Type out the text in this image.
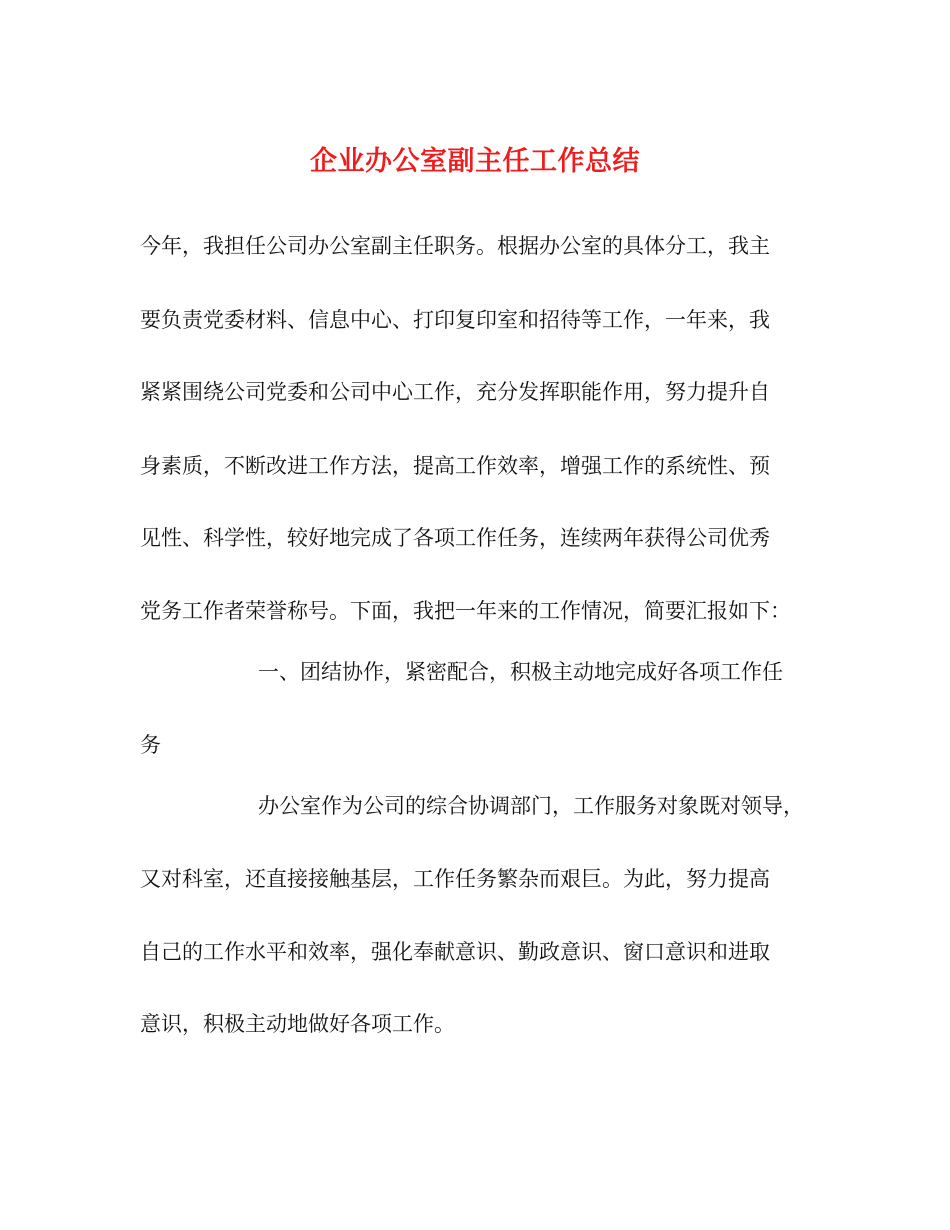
企业办公室副主任工作总结
今年，我担任公司办公室副主任职务。根据办公室的具体分工，我主
要负责党委材料、信息中心、打印复印室和招待等工作，一年来，我
紧紧围绕公司党委和公司中心工作，充分发挥职能作用，努力提升自
身素质，不断改进工作方法，提高工作效率，增强工作的系统性、预
见性、科学性，较好地完成了各项工作任务，连续两年获得公司优秀
党务工作者荣誉称号。下面，我把一年来的工作情况，简要汇报如下：
一、团结协作，紧密配合，积极主动地完成好各项工作任
务
办公室作为公司的综合协调部门，工作服务对象既对领导，
又对科室，还直接接触基层，工作任务繁杂而艰巨。为此，努力提高
自己的工作水平和效率，强化奉献意识、勤政意识、窗口意识和进取
意识，积极主动地做好各项工作。
